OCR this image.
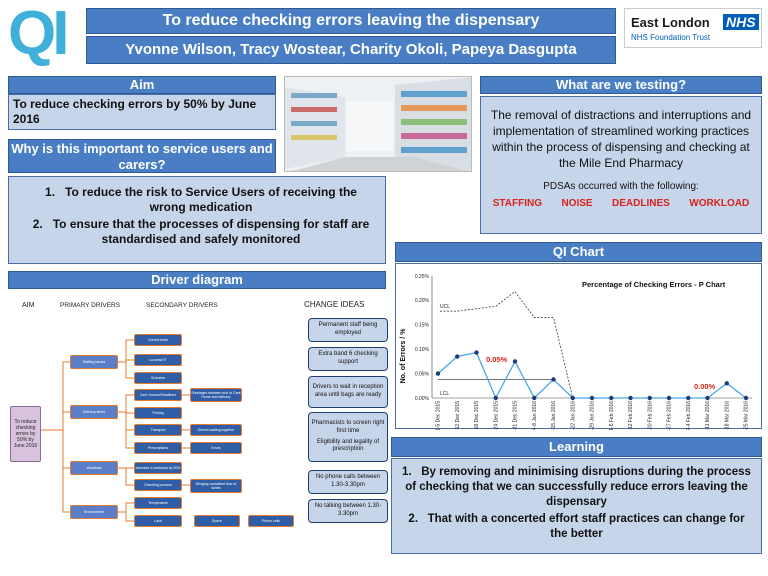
QI	To reduce checking errors leaving the dispensary
Yvonne Wilson, Tracy Wostear, Charity Okoli, Papeya Dasgupta
East London NHS
NHS Foundation Trust
Aim
To reduce checking errors by 50% by June 2016
Why is this important to service users and carers?
1.   To reduce the risk to Service Users of receiving the wrong medication
2.   To ensure that the processes of dispensing for staff are standardised and safely monitored
What are we testing?
The removal of distractions and interruptions and implementation of streamlined working practices within the process of dispensing and checking at the Mile End Pharmacy
PDSAs occurred with the following:
STAFFING NOISE DEADLINES WORKLOAD
QI Chart
Percentage of Checking Errors - P Chart
No. of Errors / %
0.00%
0.05%
0.10%
0.15%
0.20%
0.25%
1-5 Dec 2015	7-12 Dec 2015	14-18 Dec 2015	21-24 Dec 2015	22-31 Dec 2015	4-8 Jan 2016	11-15 Jan 2016	18-22 Jan 2016	25-29 Jan 2016	1-5 Feb 2016	8-12 Feb 2016	15-20 Feb 2016	22-27 Feb 2016	29-4 Feb 2016	7-11 Mar 2016	14-18 Mar 2016	21-25 Mar 2016
UCL
LCL
0.05%
0.00%
Driver diagram
AIM	PRIMARY DRIVERS	SECONDARY DRIVERS	CHANGE IDEAS
To reduce checking errors by 50% by June 2016
Staffing issues
Delivery times
Workload
Environment
Correct team
Locums/HT
Sickness
Care Homes/Deadlines
Picking
Transport
Prescriptions
Increase in workload by 50%
Checking process
Temperature
Lack	Space	Phone calls
Shortages between end of Care Home and delivery
Drivers waiting together
Errors
Bringing consistent flow of duties
Permanent staff being employed
Extra band 6 checking support
Drivers to wait in reception area until bags are ready
Pharmacists to screen right first time
Eligibility and legality of prescription
No phone calls between 1.30-3.30pm
No talking between 1.30-3.30pm
Learning
1.   By removing and minimising disruptions during the process of checking that we can successfully reduce errors leaving the dispensary
2.   That with a concerted effort staff practices can change for the better
